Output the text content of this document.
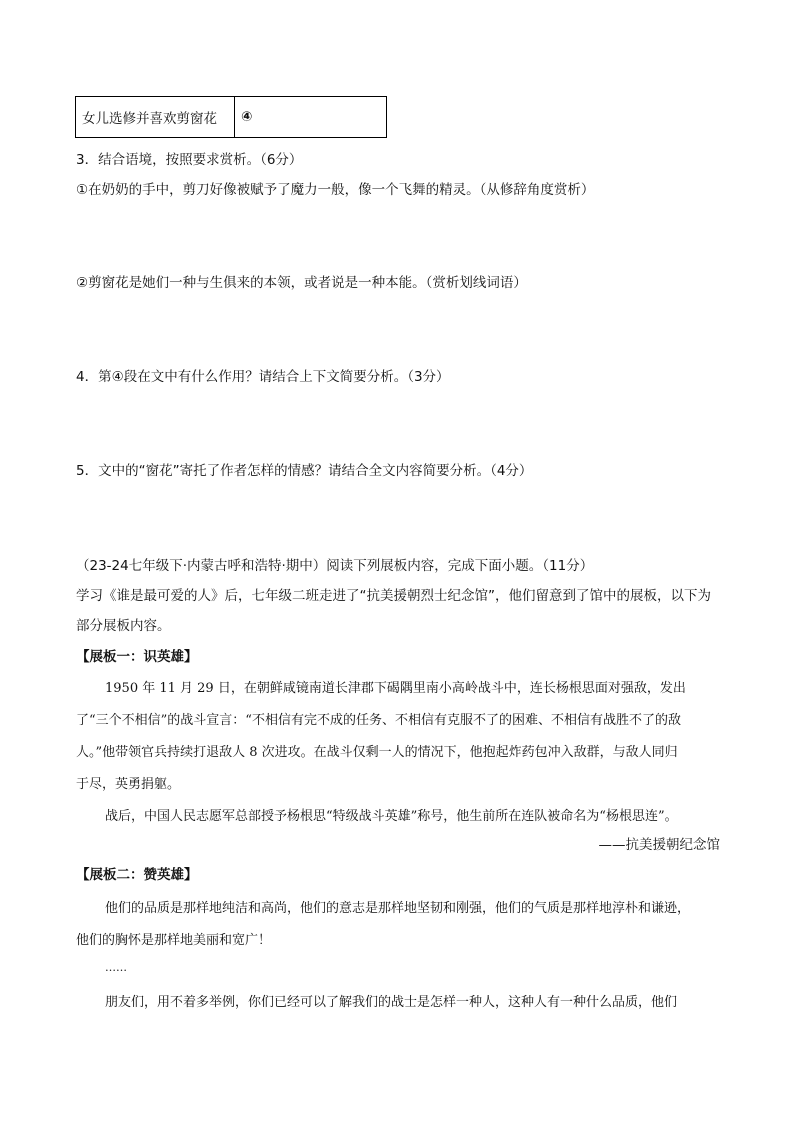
女儿选修并喜欢剪窗花	④
3．结合语境，按照要求赏析。（6分）
①在奶奶的手中，剪刀好像被赋予了魔力一般，像一个飞舞的精灵。（从修辞角度赏析）
②剪窗花是她们一种与生俱来的本领，或者说是一种本能。（赏析划线词语）
4．第④段在文中有什么作用？请结合上下文简要分析。（3分）
5．文中的“窗花”寄托了作者怎样的情感？请结合全文内容简要分析。（4分）
（23-24七年级下·内蒙古呼和浩特·期中）阅读下列展板内容，完成下面小题。（11分）
学习《谁是最可爱的人》后，七年级二班走进了“抗美援朝烈士纪念馆”，他们留意到了馆中的展板，以下为
部分展板内容。
【展板一：识英雄】
1950 年 11 月 29 日，在朝鲜咸镜南道长津郡下碣隅里南小高岭战斗中，连长杨根思面对强敌，发出
了“三个不相信”的战斗宣言：“不相信有完不成的任务、不相信有克服不了的困难、不相信有战胜不了的敌
人。”他带领官兵持续打退敌人 8 次进攻。在战斗仅剩一人的情况下，他抱起炸药包冲入敌群，与敌人同归
于尽，英勇捐躯。
战后，中国人民志愿军总部授予杨根思“特级战斗英雄”称号，他生前所在连队被命名为“杨根思连”。
——抗美援朝纪念馆
【展板二：赞英雄】
他们的品质是那样地纯洁和高尚，他们的意志是那样地坚韧和刚强，他们的气质是那样地淳朴和谦逊，
他们的胸怀是那样地美丽和宽广！
……
朋友们，用不着多举例，你们已经可以了解我们的战士是怎样一种人，这种人有一种什么品质，他们
